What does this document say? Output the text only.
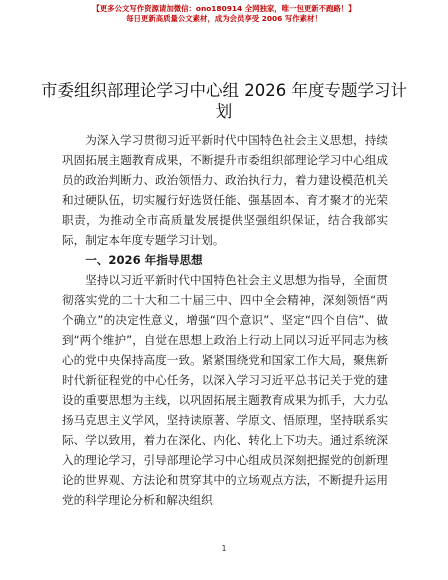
【更多公文写作资源请加微信：ono180914 全网独家，唯一包更新不跑路！】
每日更新高质量公文素材，成为会员享受 2006 写作素材！
市委组织部理论学习中心组 2026 年度专题学习计划

为深入学习贯彻习近平新时代中国特色社会主义思想，持续巩固拓展主题教育成果，不断提升市委组织部理论学习中心组成员的政治判断力、政治领悟力、政治执行力，着力建设模范机关和过硬队伍，切实履行好选贤任能、强基固本、育才聚才的光荣职责，为推动全市高质量发展提供坚强组织保证，结合我部实际，制定本年度专题学习计划。

一、2026 年指导思想

坚持以习近平新时代中国特色社会主义思想为指导，全面贯彻落实党的二十大和二十届三中、四中全会精神，深刻领悟“两个确立”的决定性意义，增强“四个意识”、坚定“四个自信”、做到“两个维护”，自觉在思想上政治上行动上同以习近平同志为核心的党中央保持高度一致。紧紧围绕党和国家工作大局，聚焦新时代新征程党的中心任务，以深入学习习近平总书记关于党的建设的重要思想为主线，以巩固拓展主题教育成果为抓手，大力弘扬马克思主义学风，坚持读原著、学原文、悟原理，坚持联系实际、学以致用，着力在深化、内化、转化上下功夫。通过系统深入的理论学习，引导部理论学习中心组成员深刻把握党的创新理论的世界观、方法论和贯穿其中的立场观点方法，不断提升运用党的科学理论分析和解决组织

1
